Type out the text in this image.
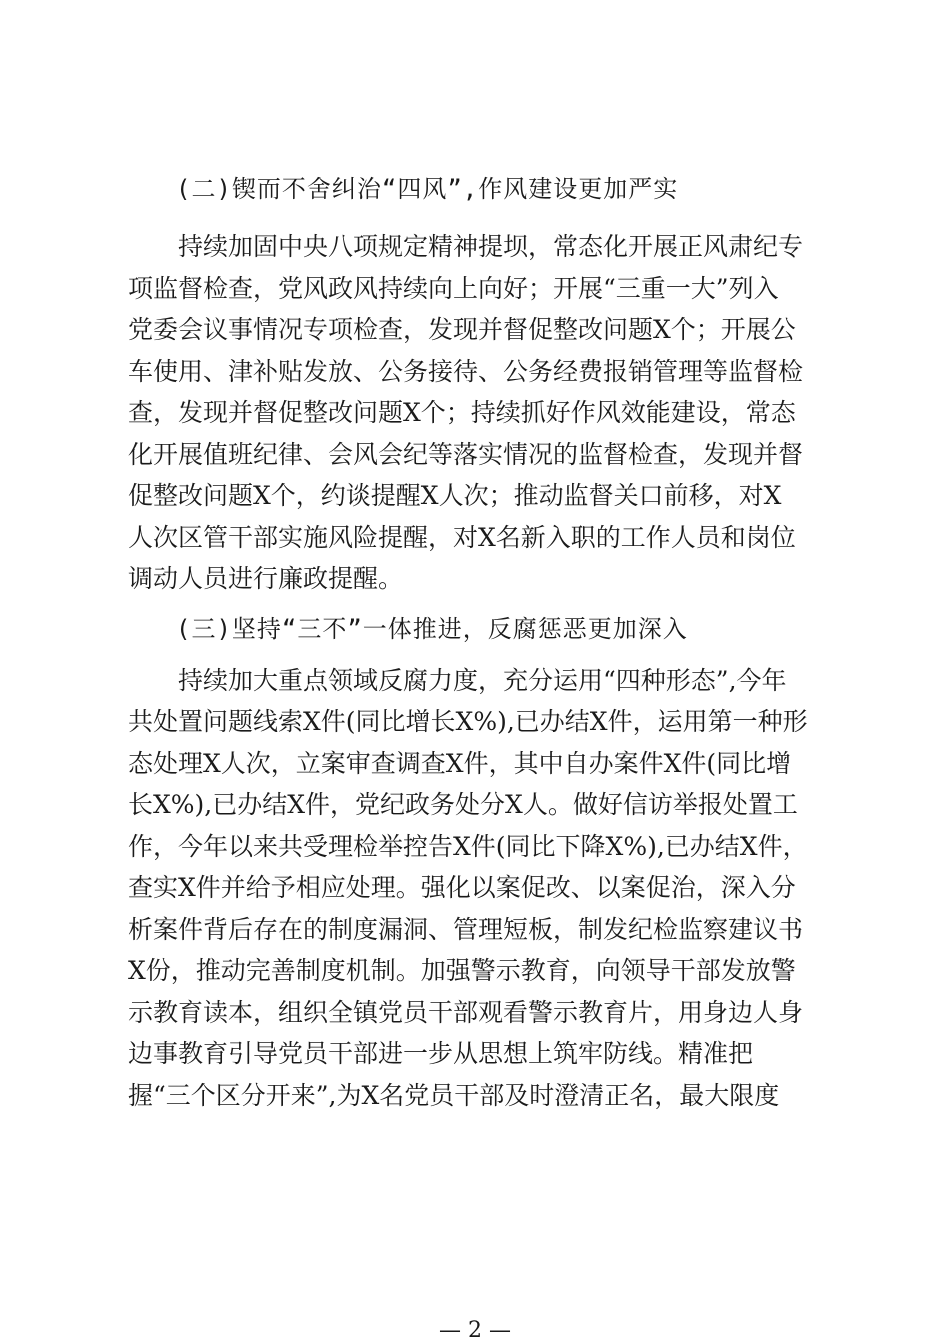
(二)锲而不舍纠治“四风”,作风建设更加严实

持续加固中央八项规定精神提坝，常态化开展正风肃纪专
项监督检查，党风政风持续向上向好；开展“三重一大”列入
党委会议事情况专项检查，发现并督促整改问题X个；开展公
车使用、津补贴发放、公务接待、公务经费报销管理等监督检
查，发现并督促整改问题X个；持续抓好作风效能建设，常态
化开展值班纪律、会风会纪等落实情况的监督检查，发现并督
促整改问题X个，约谈提醒X人次；推动监督关口前移，对X
人次区管干部实施风险提醒，对X名新入职的工作人员和岗位
调动人员进行廉政提醒。

(三)坚持“三不”一体推进，反腐惩恶更加深入

持续加大重点领域反腐力度，充分运用“四种形态”,今年
共处置问题线索X件(同比增长X%),已办结X件，运用第一种形
态处理X人次，立案审查调查X件，其中自办案件X件(同比增
长X%),已办结X件，党纪政务处分X人。做好信访举报处置工
作，今年以来共受理检举控告X件(同比下降X%),已办结X件，
查实X件并给予相应处理。强化以案促改、以案促治，深入分
析案件背后存在的制度漏洞、管理短板，制发纪检监察建议书
X份，推动完善制度机制。加强警示教育，向领导干部发放警
示教育读本，组织全镇党员干部观看警示教育片，用身边人身
边事教育引导党员干部进一步从思想上筑牢防线。精准把
握“三个区分开来”,为X名党员干部及时澄清正名，最大限度
— 2 —
